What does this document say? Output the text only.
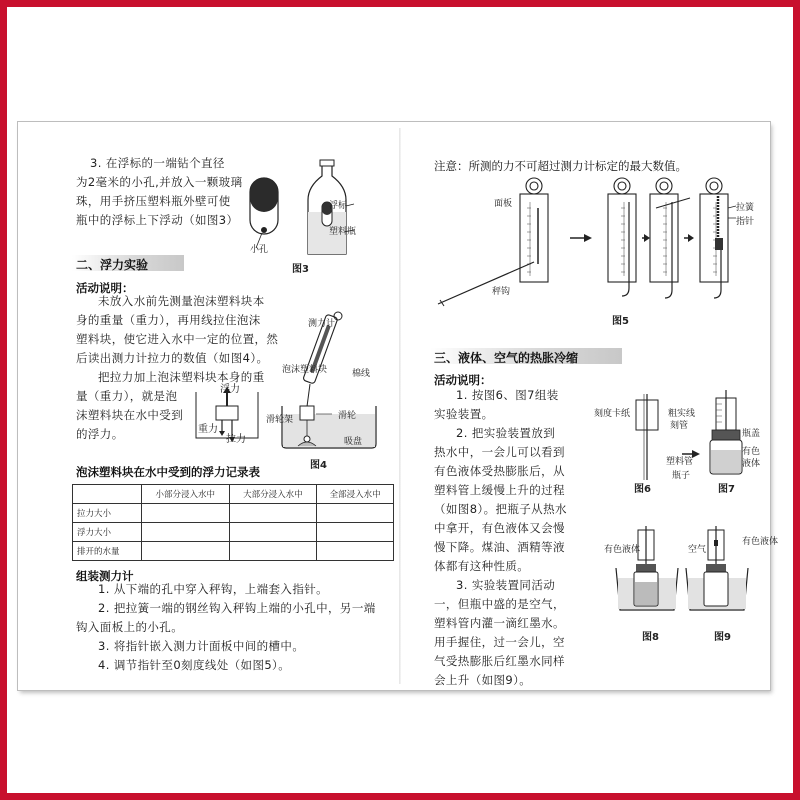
3. 在浮标的一端钻个直径
为2毫米的小孔,并放入一颗玻璃
珠，用手挤压塑料瓶外壁可使
瓶中的浮标上下浮动（如图3）
浮标
塑料瓶
小孔
图3
二、浮力实验
活动说明：
未放入水前先测量泡沫塑料块本
身的重量（重力），再用线拉住泡沫
塑料块，使它进入水中一定的位置，然
后读出测力计拉力的数值（如图4）。
把拉力加上泡沫塑料块本身的重
量（重力），就是泡
沫塑料块在水中受到
的浮力。
浮力
重力
拉力
测力计
泡沫塑料块	棉线
滑轮架	滑轮
吸盘
图4
泡沫塑料块在水中受到的浮力记录表
	小部分浸入水中	大部分浸入水中	全部浸入水中
拉力大小			
浮力大小			
排开的水量			
组装测力计
1. 从下端的孔中穿入秤钩，上端套入指针。
2. 把拉簧一端的钢丝钩入秤钩上端的小孔中，另一端
钩入面板上的小孔。
3. 将指针嵌入测力计面板中间的槽中。
4. 调节指针至0刻度线处（如图5）。
注意：所测的力不可超过测力计标定的最大数值。
面板
秤钩
拉簧
指针
图5
三、液体、空气的热胀冷缩
活动说明：
1. 按图6、图7组装
实验装置。
2. 把实验装置放到
热水中，一会儿可以看到
有色液体受热膨胀后，从
塑料管上缓慢上升的过程
（如图8）。把瓶子从热水
中拿开，有色液体又会慢
慢下降。煤油、酒精等液
体都有这种性质。
3. 实验装置同活动
一，但瓶中盛的是空气，
塑料管内灌一滴红墨水。
用手握住，过一会儿，空
气受热膨胀后红墨水同样
会上升（如图9）。
刻度卡纸	粗实线
刻管
塑料管
瓶子
瓶盖
有色
液体
图6	图7
有色液体	空气
有色液体
图8	图9
